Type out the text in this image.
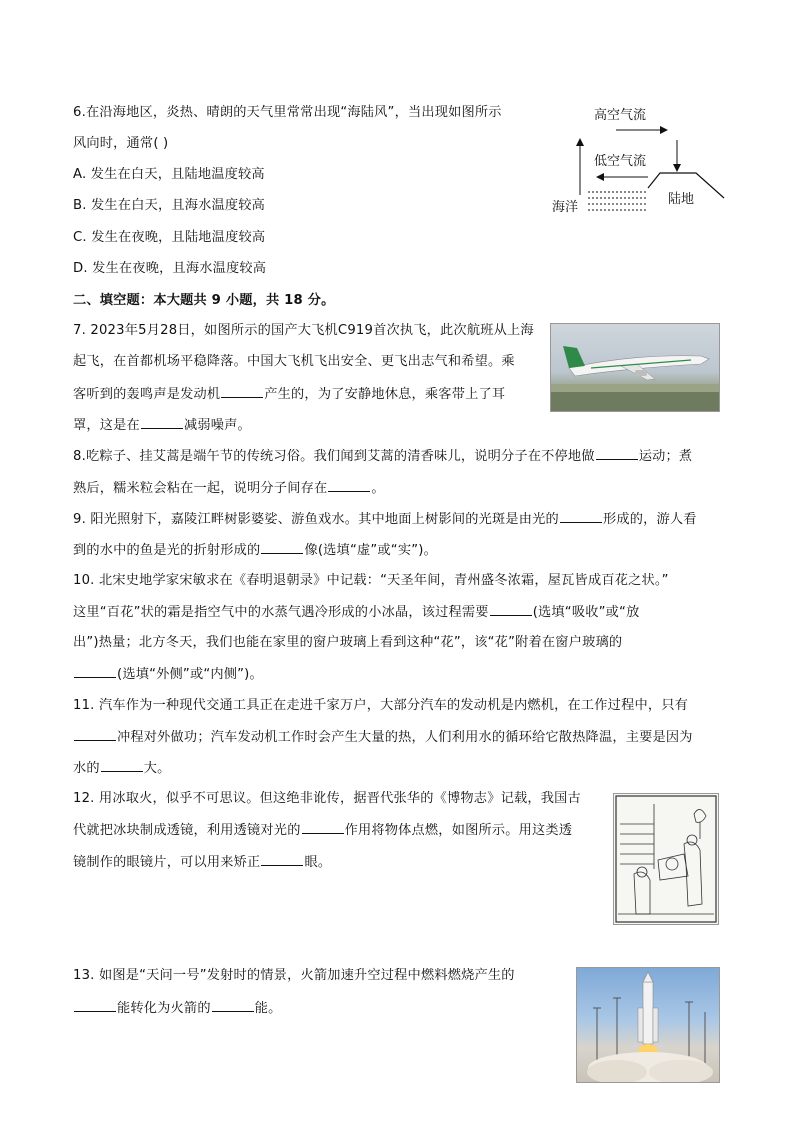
6.在沿海地区，炎热、晴朗的天气里常常出现“海陆风”，当出现如图所示
风向时，通常( )
A. 发生在白天，且陆地温度较高
B. 发生在白天，且海水温度较高
C. 发生在夜晚，且陆地温度较高
D. 发生在夜晚，且海水温度较高
高空气流
低空气流
海洋
陆地
二、填空题：本大题共 9 小题，共 18 分。
7. 2023年5月28日，如图所示的国产大飞机C919首次执飞，此次航班从上海
起飞，在首都机场平稳降落。中国大飞机飞出安全、更飞出志气和希望。乘
客听到的轰鸣声是发动机	产生的，为了安静地休息，乘客带上了耳
罩，这是在	减弱噪声。
8.吃粽子、挂艾蒿是端午节的传统习俗。我们闻到艾蒿的清香味儿，说明分子在不停地做	运动；煮
熟后，糯米粒会粘在一起，说明分子间存在	。
9. 阳光照射下，嘉陵江畔树影婆娑、游鱼戏水。其中地面上树影间的光斑是由光的	形成的，游人看
到的水中的鱼是光的折射形成的	像(选填“虚”或“实”)。
10. 北宋史地学家宋敏求在《春明退朝录》中记载：“天圣年间，青州盛冬浓霜，屋瓦皆成百花之状。”
这里“百花”状的霜是指空气中的水蒸气遇冷形成的小冰晶，该过程需要	(选填“吸收”或“放
出”)热量；北方冬天，我们也能在家里的窗户玻璃上看到这种“花”，该“花”附着在窗户玻璃的
(选填“外侧”或“内侧”)。
11. 汽车作为一种现代交通工具正在走进千家万户，大部分汽车的发动机是内燃机，在工作过程中，只有
冲程对外做功；汽车发动机工作时会产生大量的热，人们利用水的循环给它散热降温，主要是因为
水的	大。
12. 用冰取火，似乎不可思议。但这绝非讹传，据晋代张华的《博物志》记载，我国古
代就把冰块制成透镜，利用透镜对光的	作用将物体点燃，如图所示。用这类透
镜制作的眼镜片，可以用来矫正	眼。
13. 如图是“天问一号”发射时的情景，火箭加速升空过程中燃料燃烧产生的
能转化为火箭的	能。
